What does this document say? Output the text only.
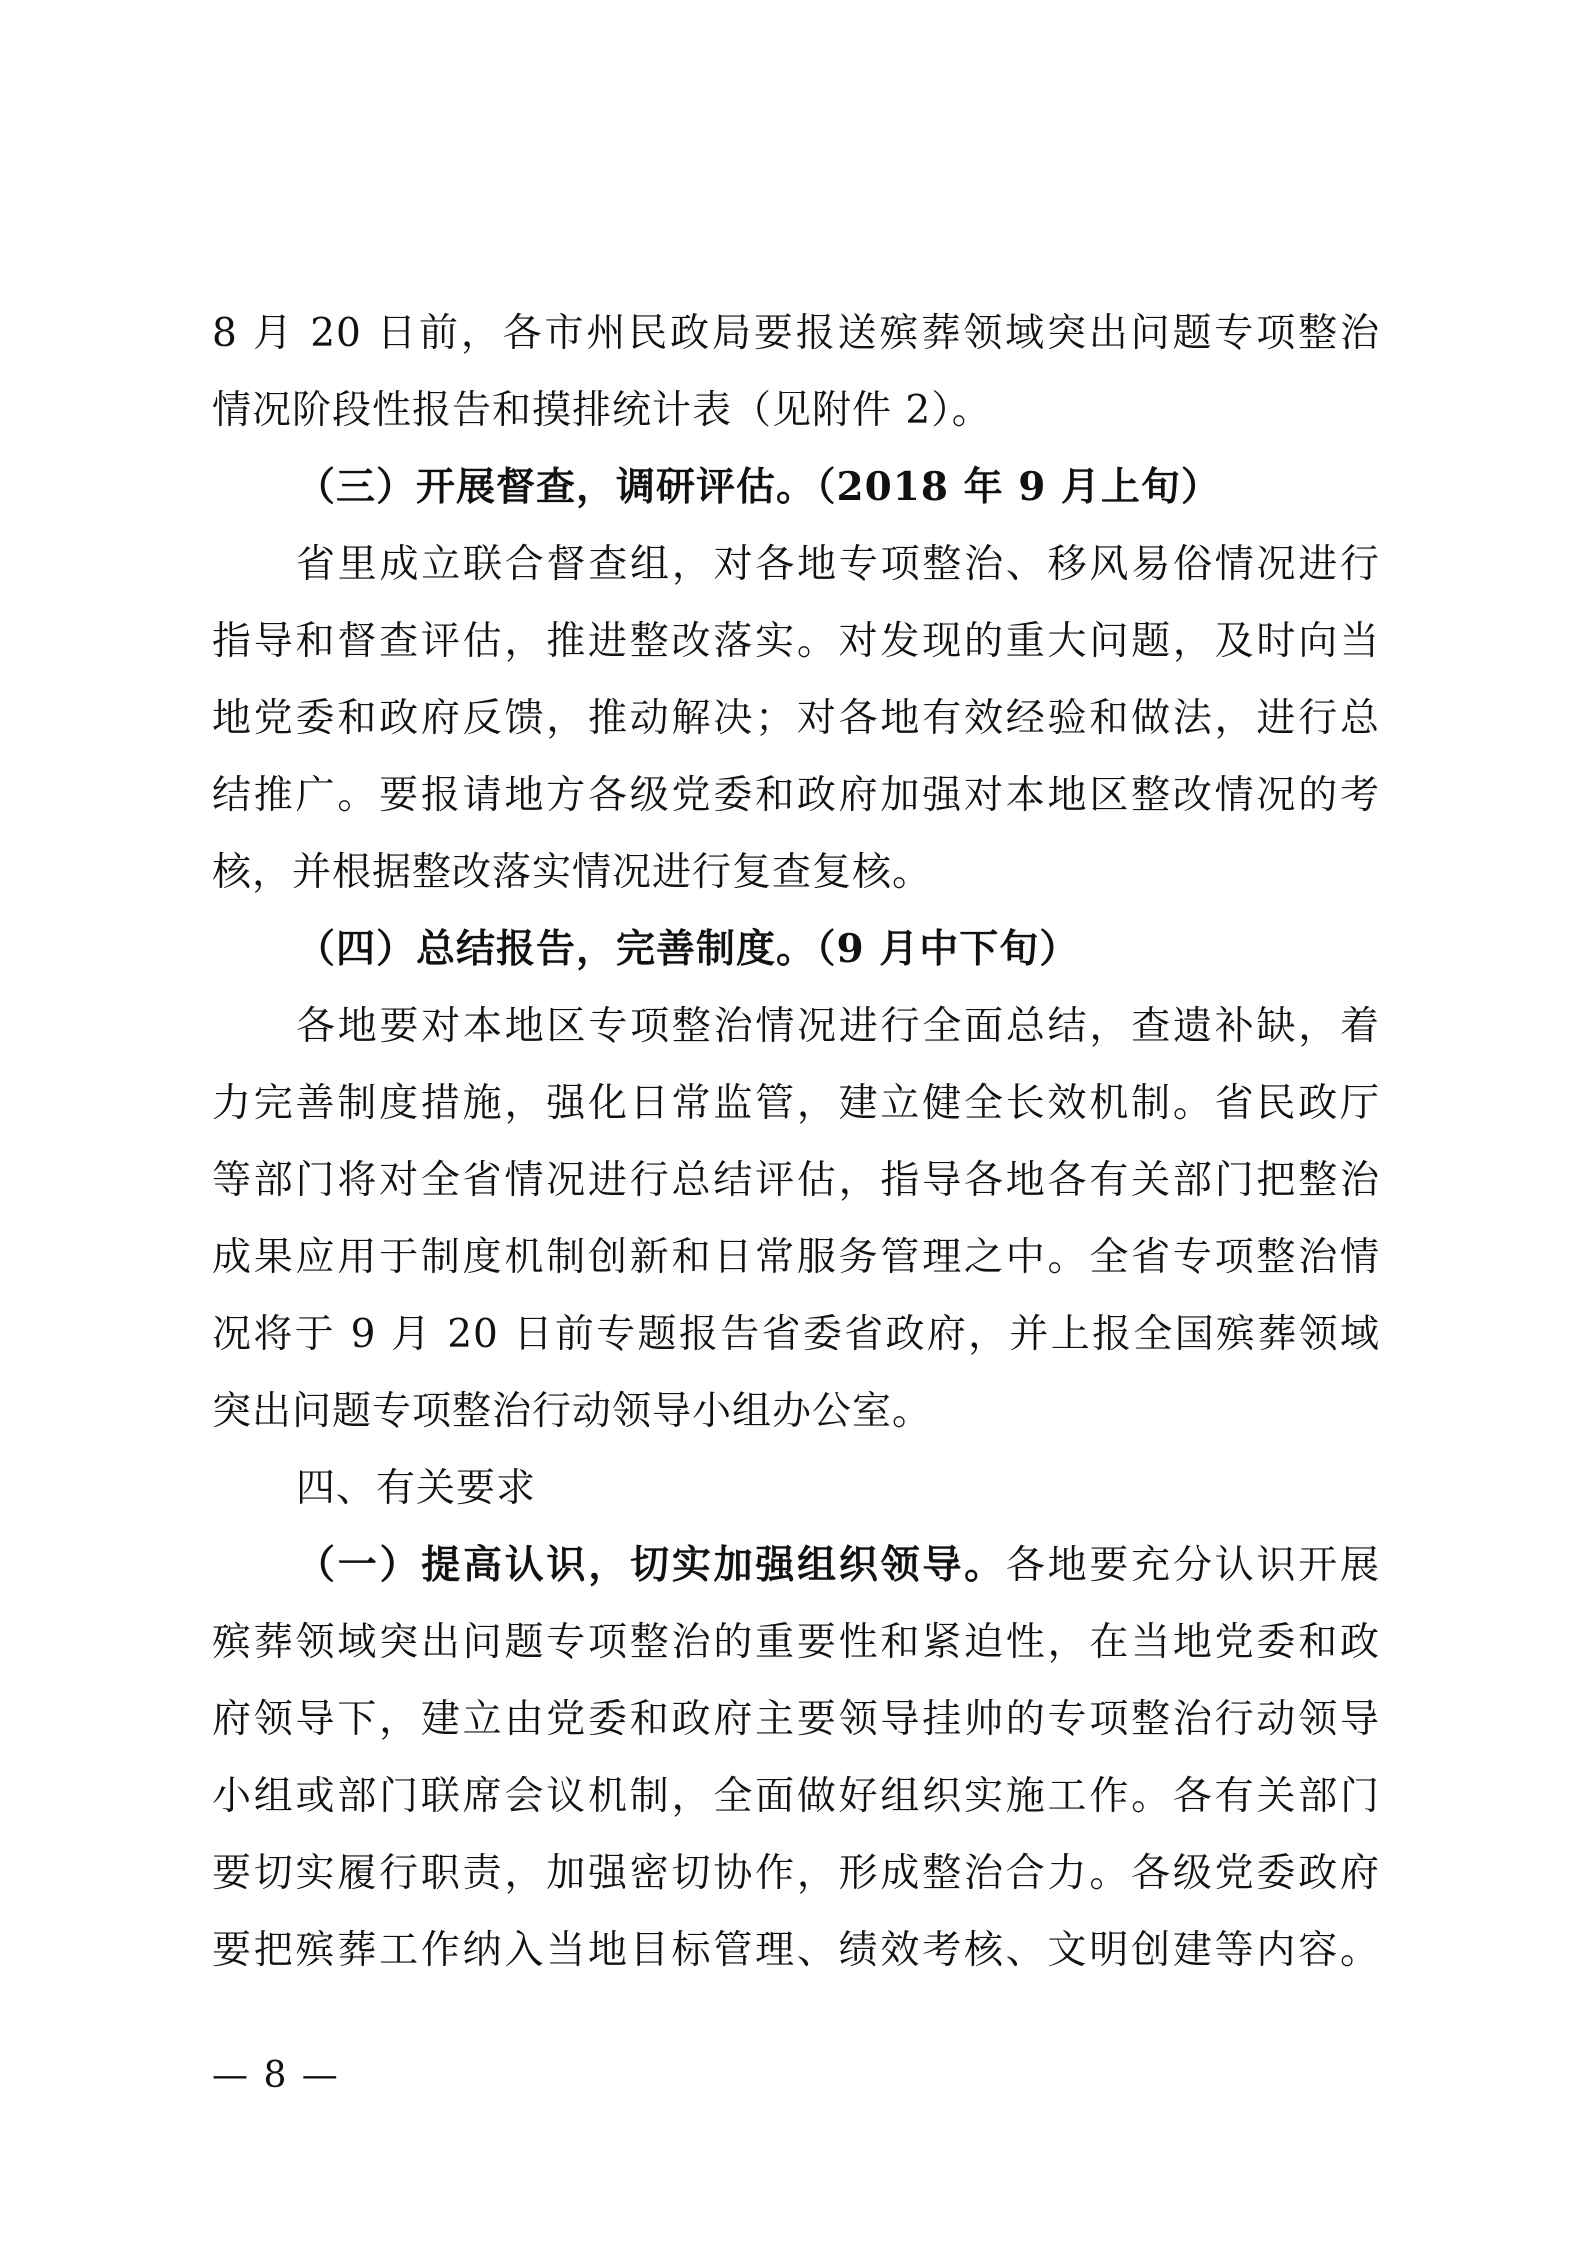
8 月 20 日前，各市州民政局要报送殡葬领域突出问题专项整治
情况阶段性报告和摸排统计表（见附件 2）。
（三）开展督查，调研评估。（2018 年 9 月上旬）
省里成立联合督查组，对各地专项整治、移风易俗情况进行
指导和督查评估，推进整改落实。对发现的重大问题，及时向当
地党委和政府反馈，推动解决；对各地有效经验和做法，进行总
结推广。要报请地方各级党委和政府加强对本地区整改情况的考
核，并根据整改落实情况进行复查复核。
（四）总结报告，完善制度。（9 月中下旬）
各地要对本地区专项整治情况进行全面总结，查遗补缺，着
力完善制度措施，强化日常监管，建立健全长效机制。省民政厅
等部门将对全省情况进行总结评估，指导各地各有关部门把整治
成果应用于制度机制创新和日常服务管理之中。全省专项整治情
况将于 9 月 20 日前专题报告省委省政府，并上报全国殡葬领域
突出问题专项整治行动领导小组办公室。
四、有关要求
（一）提高认识，切实加强组织领导。各地要充分认识开展
殡葬领域突出问题专项整治的重要性和紧迫性，在当地党委和政
府领导下，建立由党委和政府主要领导挂帅的专项整治行动领导
小组或部门联席会议机制，全面做好组织实施工作。各有关部门
要切实履行职责，加强密切协作，形成整治合力。各级党委政府
要把殡葬工作纳入当地目标管理、绩效考核、文明创建等内容。
— 8 —
